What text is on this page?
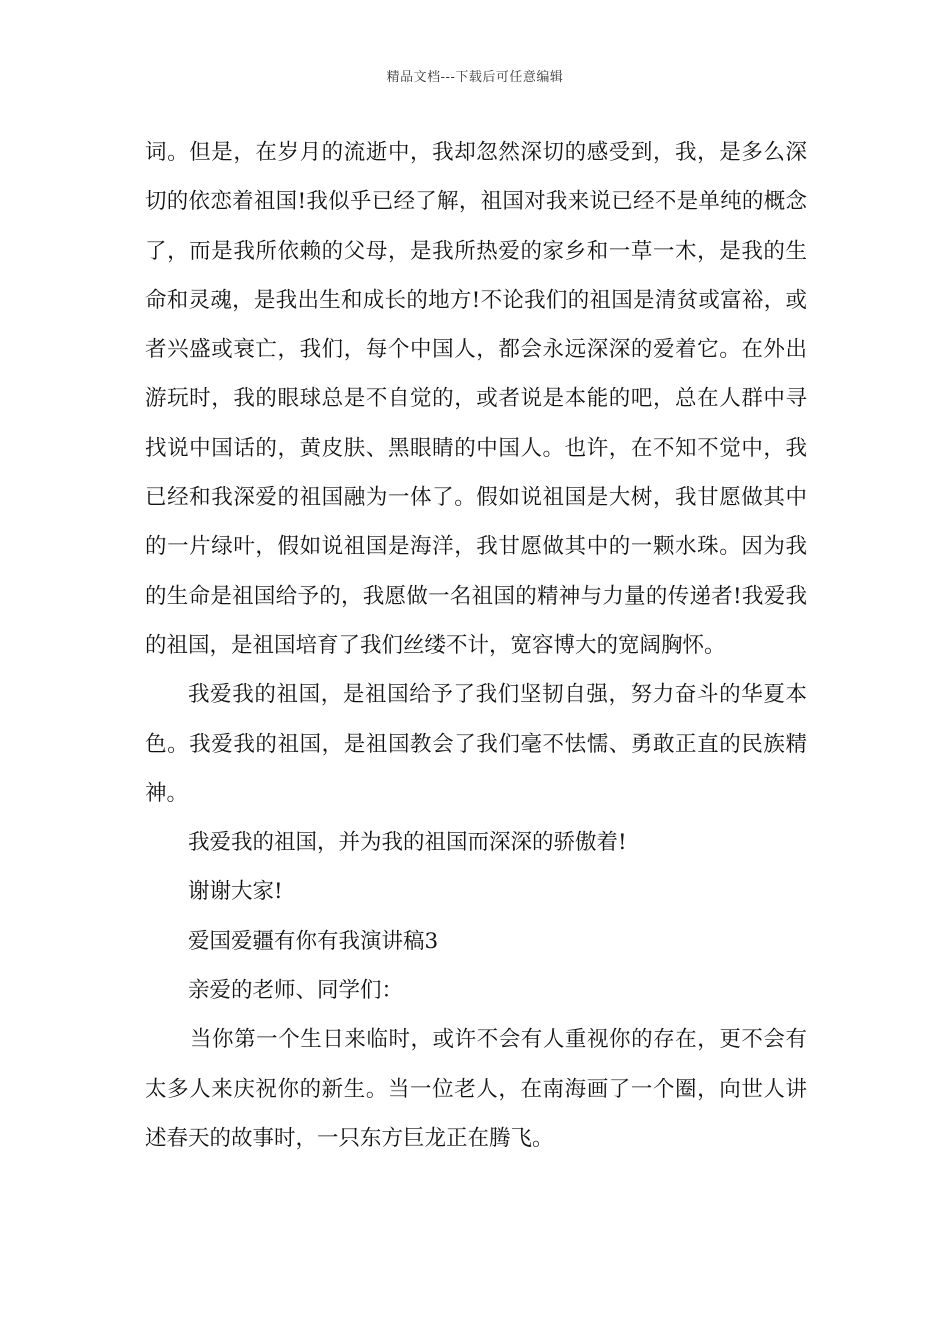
精品文档---下载后可任意编辑

词。但是，在岁月的流逝中，我却忽然深切的感受到，我，是多么深切的依恋着祖国!我似乎已经了解，祖国对我来说已经不是单纯的概念了，而是我所依赖的父母，是我所热爱的家乡和一草一木，是我的生命和灵魂，是我出生和成长的地方!不论我们的祖国是清贫或富裕，或者兴盛或衰亡，我们，每个中国人，都会永远深深的爱着它。在外出游玩时，我的眼球总是不自觉的，或者说是本能的吧，总在人群中寻找说中国话的，黄皮肤、黑眼睛的中国人。也许，在不知不觉中，我已经和我深爱的祖国融为一体了。假如说祖国是大树，我甘愿做其中的一片绿叶，假如说祖国是海洋，我甘愿做其中的一颗水珠。因为我的生命是祖国给予的，我愿做一名祖国的精神与力量的传递者!我爱我的祖国，是祖国培育了我们丝缕不计，宽容博大的宽阔胸怀。

我爱我的祖国，是祖国给予了我们坚韧自强，努力奋斗的华夏本色。我爱我的祖国，是祖国教会了我们毫不怯懦、勇敢正直的民族精神。

我爱我的祖国，并为我的祖国而深深的骄傲着!

谢谢大家!

爱国爱疆有你有我演讲稿3

亲爱的老师、同学们：

当你第一个生日来临时，或许不会有人重视你的存在，更不会有太多人来庆祝你的新生。当一位老人，在南海画了一个圈，向世人讲述春天的故事时，一只东方巨龙正在腾飞。
